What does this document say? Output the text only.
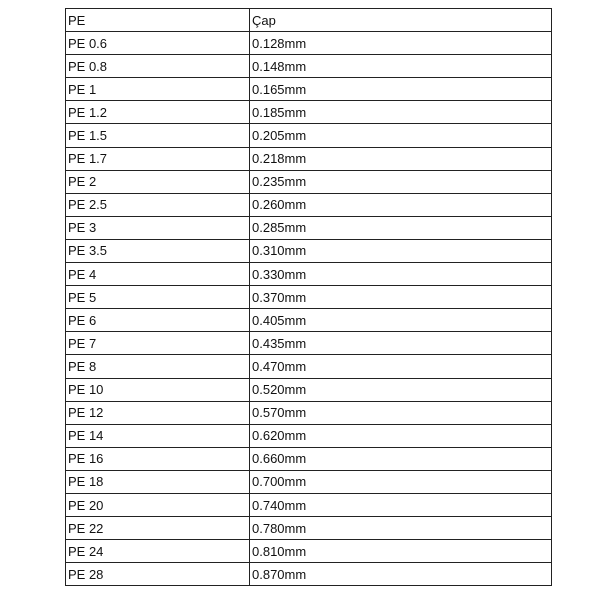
PE	Çap
PE 0.6	0.128mm
PE 0.8	0.148mm
PE 1	0.165mm
PE 1.2	0.185mm
PE 1.5	0.205mm
PE 1.7	0.218mm
PE 2	0.235mm
PE 2.5	0.260mm
PE 3	0.285mm
PE 3.5	0.310mm
PE 4	0.330mm
PE 5	0.370mm
PE 6	0.405mm
PE 7	0.435mm
PE 8	0.470mm
PE 10	0.520mm
PE 12	0.570mm
PE 14	0.620mm
PE 16	0.660mm
PE 18	0.700mm
PE 20	0.740mm
PE 22	0.780mm
PE 24	0.810mm
PE 28	0.870mm
